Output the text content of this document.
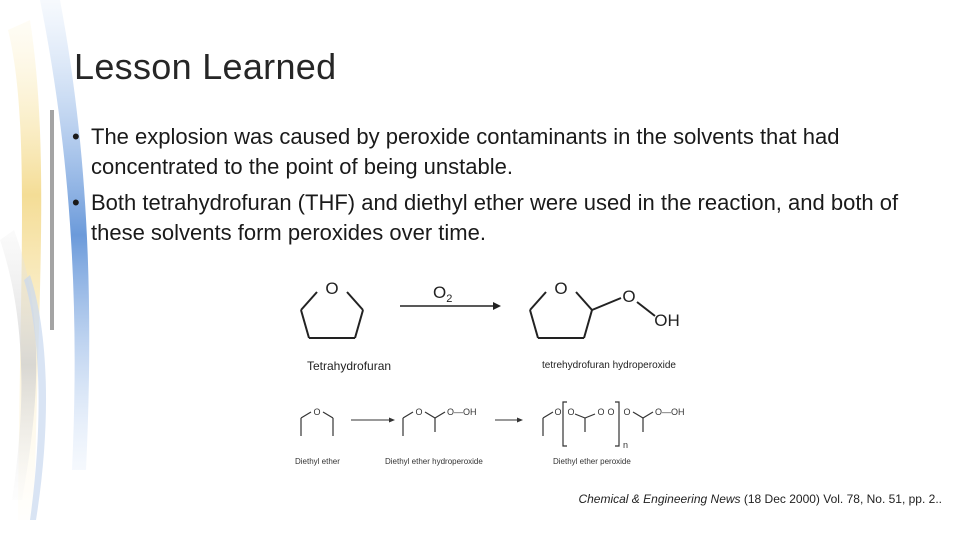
Lesson Learned
• The explosion was caused by peroxide contaminants in the solvents that had concentrated to the point of being unstable.
• Both tetrahydrofuran (THF) and diethyl ether were used in the reaction, and both of these solvents form peroxides over time.
O	$O_2$
O	O
OH
O	O	O—OH	O O	O O
n
O	O—OH
Tetrahydrofuran	tetrehydrofuran hydroperoxide
Diethyl ether	Diethyl ether hydroperoxide	Diethyl ether peroxide
Chemical & Engineering News (18 Dec 2000) Vol. 78, No. 51, pp. 2..
